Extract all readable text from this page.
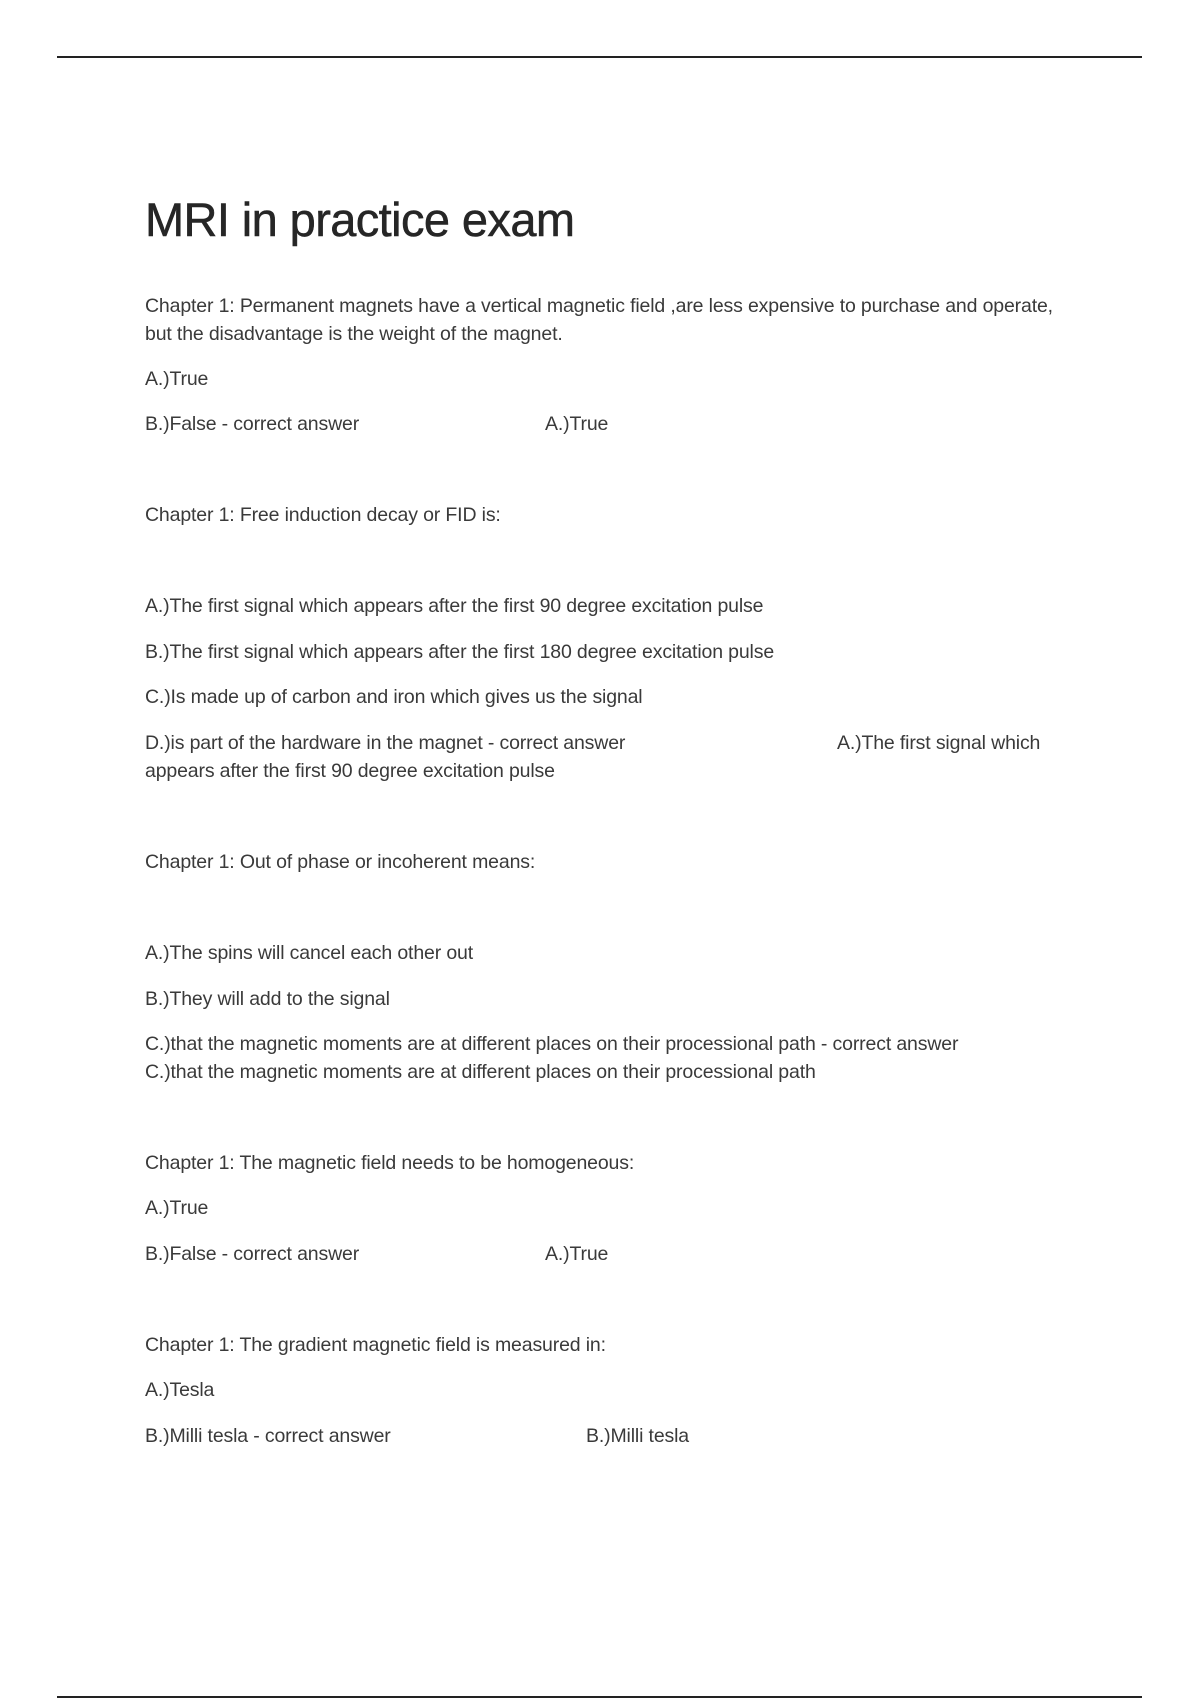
MRI in practice exam

Chapter 1: Permanent magnets have a vertical magnetic field ,are less expensive to purchase and operate, but the disadvantage is the weight of the magnet.

A.)True

B.)False - correct answer	A.)True

Chapter 1: Free induction decay or FID is:

A.)The first signal which appears after the first 90 degree excitation pulse

B.)The first signal which appears after the first 180 degree excitation pulse

C.)Is made up of carbon and iron which gives us the signal

D.)is part of the hardware in the magnet - correct answer	A.)The first signal which

appears after the first 90 degree excitation pulse

Chapter 1: Out of phase or incoherent means:

A.)The spins will cancel each other out

B.)They will add to the signal

C.)that the magnetic moments are at different places on their processional path - correct answer

C.)that the magnetic moments are at different places on their processional path

Chapter 1: The magnetic field needs to be homogeneous:

A.)True

B.)False - correct answer	A.)True

Chapter 1: The gradient magnetic field is measured in:

A.)Tesla

B.)Milli tesla - correct answer	B.)Milli tesla
